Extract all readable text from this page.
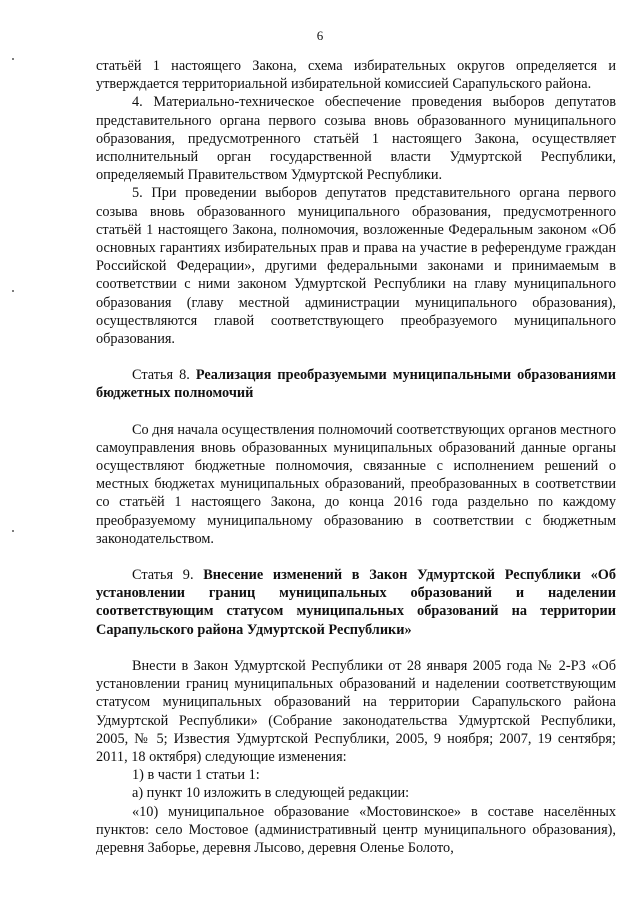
6

статьёй 1 настоящего Закона, схема избирательных округов определяется и утверждается территориальной избирательной комиссией Сарапульского района.

4. Материально-техническое обеспечение проведения выборов депутатов представительного органа первого созыва вновь образованного муниципального образования, предусмотренного статьёй 1 настоящего Закона, осуществляет исполнительный орган государственной власти Удмуртской Республики, определяемый Правительством Удмуртской Республики.

5. При проведении выборов депутатов представительного органа первого созыва вновь образованного муниципального образования, предусмотренного статьёй 1 настоящего Закона, полномочия, возложенные Федеральным законом «Об основных гарантиях избирательных прав и права на участие в референдуме граждан Российской Федерации», другими федеральными законами и принимаемым в соответствии с ними законом Удмуртской Республики на главу муниципального образования (главу местной администрации муниципального образования), осуществляются главой соответствующего преобразуемого муниципального образования.

Статья 8. Реализация преобразуемыми муниципальными образованиями бюджетных полномочий

Со дня начала осуществления полномочий соответствующих органов местного самоуправления вновь образованных муниципальных образований данные органы осуществляют бюджетные полномочия, связанные с исполнением решений о местных бюджетах муниципальных образований, преобразованных в соответствии со статьёй 1 настоящего Закона, до конца 2016 года раздельно по каждому преобразуемому муниципальному образованию в соответствии с бюджетным законодательством.

Статья 9. Внесение изменений в Закон Удмуртской Республики «Об установлении границ муниципальных образований и наделении соответствующим статусом муниципальных образований на территории Сарапульского района Удмуртской Республики»

Внести в Закон Удмуртской Республики от 28 января 2005 года № 2-РЗ «Об установлении границ муниципальных образований и наделении соответствующим статусом муниципальных образований на территории Сарапульского района Удмуртской Республики» (Собрание законодательства Удмуртской Республики, 2005, № 5; Известия Удмуртской Республики, 2005, 9 ноября; 2007, 19 сентября; 2011, 18 октября) следующие изменения:

1) в части 1 статьи 1:

а) пункт 10 изложить в следующей редакции:

«10) муниципальное образование «Мостовинское» в составе населённых пунктов: село Мостовое (административный центр муниципального образования), деревня Заборье, деревня Лысово, деревня Оленье Болото,
